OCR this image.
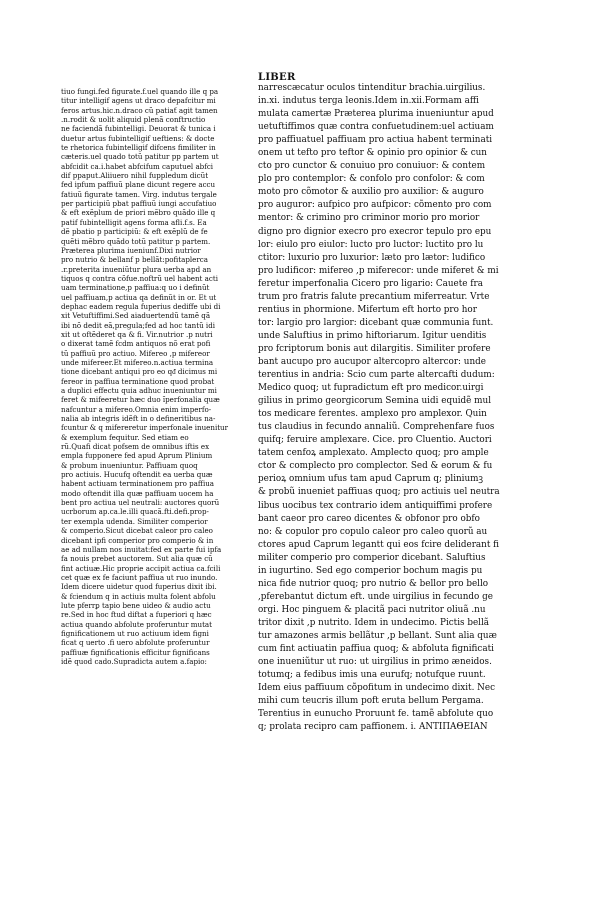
LIBER
tiuo fungi.fed figurate.f.uel quando ille q pa
titur intelligif agens ut draco depafcitur mi
feros artus.hic.n.draco cũ patiať agit tamen
.n.rodit & uolit aliquid plenã conftructio
ne faciendã fubintelligi. Deuorat & tunica i
duetur artus fubintelligif ueftiens: & docte
te rhetorica fubintelligif difcens fimiliter in
cæteris.uel quado totũ patitur pp partem ut
abfcidit ca.i.habet abfcifum caputuel abfci
dif ppaput.Aliiuero nihil fuppledum dicũt
fed ipfum paffiuũ plane dicunt regere accu
fatiuũ figurate tamen. Virg. indutus tergale
per participiũ pbat paffiuũ iungi accufatiuo
& eft exẽplum de priori mẽbro quãdo ille q
patif fubintelligit agens forma afli.f.s. Ea
dẽ pbatio p participiũ: & eft exẽplũ de fe
quẽti mẽbro quãdo totũ patitur p partem.
Præterea plurima iueniunf.Dixi nutrior
pro nutrio & bellanf p bellãt:pofitaplerca
.r.preterita inueniũtur plura uerba apd an
tiquos q contra cõfue.noftrũ uel habent acti
uam terminatione,p paffiua:q uo i definũt
uel paffiuam,p actiua qa definũt in or. Et ut
dephac eadem regula fuperius dediffe ubi di
xit Vetuftiffimi.Sed aiaduertendũ tamẽ qã
ibi nõ dedit eã,pregula;fed ad hoc tantũ idi
xit ut oftẽderet qa & fi. Vir.nutrior .p nutri
o dixerat tamẽ fcdm antiquos nõ erat pofi
tũ paffiuũ pro actiuo. Mifereo ,p mifereor
unde mifereer.Et mifereo.n.actiua termina
tione dicebant antiqui pro eo qᵭ dicimus mi
fereor in paffiua terminatione quod probat
a duplici effectu quia adhuc inueniuntur mi
feret & mifeeretur hæc duo ĩperfonalia quæ
nafcuntur a mifereo.Omnia enim imperfo-
nalia ab integris idẽft in o defineritibus na-
fcuntur & q mifereretur imperfonale inuenitur
& exemplum fequitur. Sed etiam eo
rũ.Quafi dicat pofsem de omnibus iftis ex
empla fupponere fed apud Aprum Plinium
& probum inueniuntur. Paffiuam quoq
pro actiuis. Hucufq oftendit ea uerba quæ
habent actiuam terminationem pro paffiua
modo oftendit illa quæ paffiuam uocem ha
bent pro actiua uel neutrali: auctores quorũ
ucrborum ap.ca.le.illi quacã.fti.defi.prop-
ter exempla udenda. Similiter comperior
& comperio.Sicut dicebat caleor pro caleo
dicebant ipfi comperior pro comperio & in
ae ad nullam nos inuitat:fed ex parte fui ipfa
fa nouis prebet auctorem. Sut alia quæ cũ
fint actiuæ.Hic proprie accipit actiua ca.fcili
cet quæ ex fe faciunt paffiua ut ruo inundo.
Idem dicere uidetur quod fuperius dixit ibi.
& fciendum q in actiuis multa folent abfolu
lute pferrꝑ tapio bene uideo & audio actu
re.Sed in hoc ftud diftat a fuperiori q hæc
actiua quando abfolute proferuntur mutat
fignificationem ut ruo actiuum idem figni
ficat q uerto .fi uero abfolute proferuntur
paffiuæ fignificationis efficitur fignificans
idẽ quod cado.Supradicta autem a.fapio:
narrescæcatur oculos tintenditur brachia.uirgilius.
in.xi. indutus terga leonis.Idem in.xii.Formam affi
mulata camertæ Præterea plurima inueniuntur apud
uetuftiffimos quæ contra confuetudinem:uel actiuam
pro paffiuatuel paffiuam pro actiua habent terminati
onem ut tefto pro teftor & opinio pro opinior & cun
cto pro cunctor & conuiuo pro conuiuor: & contem
plo pro contemplor: & confolo pro confolor: & com
moto pro cõmotor & auxilio pro auxilior: & auguro
pro auguror: aufpico pro aufpicor: cõmento pro com
mentor: & crimino pro criminor morio pro morior
digno pro dignior execro pro execror tepulo pro epu
lor: eiulo pro eiulor: lucto pro luctor: luctito pro lu
ctitor: luxurio pro luxurior: læto pro lætor: ludifico
pro ludificor: mifereo ,p miferecor: unde miferet & mi
feretur imperfonalia Cicero pro ligario: Cauete fra
trum pro fratris falute precantium miferreatur. Vrte
rentius in phormione. Mifertum eft horto pro hor
tor: largio pro largior: dicebant quæ communia funt.
unde Saluftius in primo hiftoriarum. Igitur uenditis
pro fcriptorum bonis aut dilargitis. Similiter profere
bant aucupo pro aucupor altercopro altercor: unde
terentius in andria: Scio cum parte altercafti dudum:
Medico quoq; ut fupradictum eft pro medicor.uirgi
gilius in primo georgicorum Semina uidi equidẽ mul
tos medicare ferentes. amplexo pro amplexor. Quin
tus claudius in fecundo annaliũ. Comprehenfare fuos
quifq; feruire amplexare. Cice. pro Cluentio. Auctori
tatem cenfoꝝ amplexato. Amplecto quoq; pro ample
ctor & complecto pro complector. Sed & eorum & fu
perioꝝ omnium ufus tam apud Caprum q; pliniumꝫ
& probũ inueniet paffiuas quoq; pro actiuis uel neutra
libus uocibus tex contrario idem antiquiffimi profere
bant caeor pro careo dicentes & obfonor pro obfo
no: & copulor pro copulo caleor pro caleo quorũ au
ctores apud Caprum legantt qui eos fcire deliderant fi
militer comperio pro comperior dicebant. Saluftius
in iugurtino. Sed ego comperior bochum magis pu
nica fide nutrior quoq; pro nutrio & bellor pro bello
,pferebantut dictum eft. unde uirgilius in fecundo ge
orgi. Hoc pinguem & placitã paci nutritor oliuã .nu
tritor dixit ,p nutrito. Idem in undecimo. Pictis bellã
tur amazones armis bellãtur ,p bellant. Sunt alia quæ
cum fint actiuatin paffiua quoq; & abfoluta fignificati
one inueniũtur ut ruo: ut uirgilius in primo æneidos.
totumq; a fedibus imis una eurufq; notufque ruunt.
Idem eius paffiuum cõpofitum in undecimo dixit. Nec
mihi cum teucris illum poft eruta bellum Pergama.
Terentius in eunucho Proruunt fe. tamẽ abfolute quo
q; prolata recipro cam paffionem. i. ΑΝΤΙΠΑΘΕΙΑΝ
